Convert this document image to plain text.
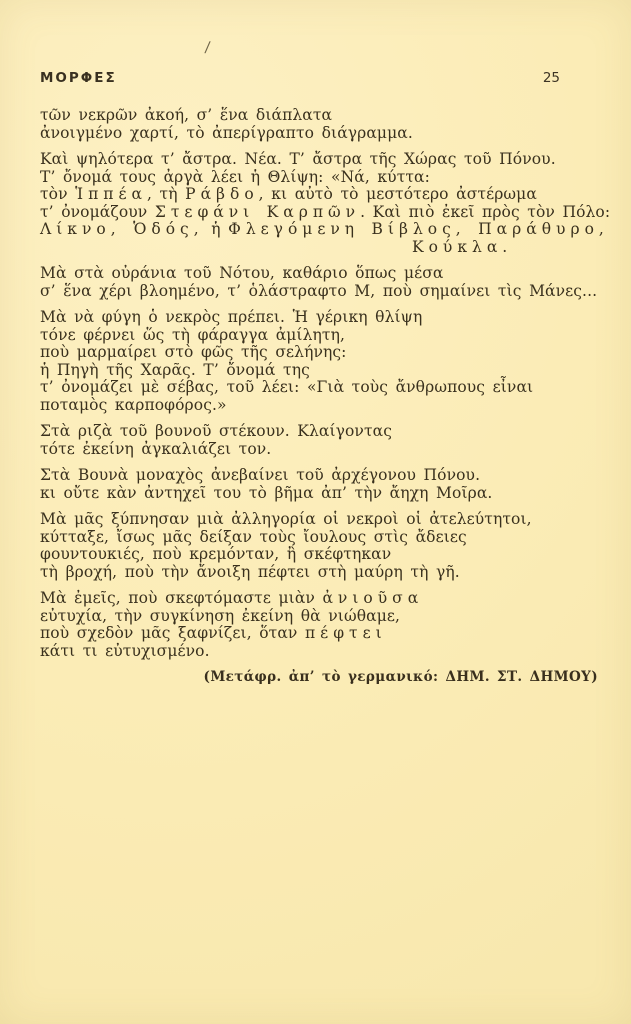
/
ΜΟΡΦΕΣ	25

τῶν νεκρῶν ἀκοή, σ’ ἕνα διάπλατα
ἀνοιγμένο χαρτί, τὸ ἀπερίγραπτο διάγραμμα.

Καὶ ψηλότερα τ’ ἄστρα. Νέα. Τ’ ἄστρα τῆς Χώρας τοῦ Πόνου.
Τ’ ὄνομά τους ἀργὰ λέει ἡ Θλίψη: «Νά, κύττα:
τὸν Ἱππέα, τὴ Ράβδο, κι αὐτὸ τὸ μεστότερο ἀστέρωμα
τ’ ὀνομάζουν Στεφάνι Καρπῶν. Καὶ πιὸ ἐκεῖ πρὸς τὸν Πόλο:
Λίκνο, Ὁδός, ἡ Φλεγόμενη Βίβλος, Παράθυρο,
Κούκλα.

Μὰ στὰ οὐράνια τοῦ Νότου, καθάριο ὅπως μέσα
σ’ ἕνα χέρι βλοημένο, τ’ ὁλάστραφτο Μ, ποὺ σημαίνει τὶς Μάνες...

Μὰ νὰ φύγη ὁ νεκρὸς πρέπει. Ἡ γέρικη θλίψη
τόνε φέρνει ὥς τὴ φάραγγα ἀμίλητη,
ποὺ μαρμαίρει στὸ φῶς τῆς σελήνης:
ἡ Πηγὴ τῆς Χαρᾶς. Τ’ ὄνομά της
τ’ ὀνομάζει μὲ σέβας, τοῦ λέει: «Γιὰ τοὺς ἄνθρωπους εἶναι
ποταμὸς καρποφόρος.»

Στὰ ριζὰ τοῦ βουνοῦ στέκουν. Κλαίγοντας
τότε ἐκείνη ἀγκαλιάζει τον.

Στὰ Βουνὰ μοναχὸς ἀνεβαίνει τοῦ ἀρχέγονου Πόνου.
κι οὔτε κὰν ἀντηχεῖ του τὸ βῆμα ἀπ’ τὴν ἄηχη Μοῖρα.

Μὰ μᾶς ξύπνησαν μιὰ ἀλληγορία οἱ νεκροὶ οἱ ἀτελεύτητοι,
κύτταξε, ἴσως μᾶς δείξαν τοὺς ἴουλους στὶς ἄδειες
φουντουκιές, ποὺ κρεμόνταν, ἢ σκέφτηκαν
τὴ βροχή, ποὺ τὴν ἄνοιξη πέφτει στὴ μαύρη τὴ γῆ.

Μὰ ἐμεῖς, ποὺ σκεφτόμαστε μιὰν ἀνιοῦσα
εὐτυχία, τὴν συγκίνηση ἐκείνη θὰ νιώθαμε,
ποὺ σχεδὸν μᾶς ξαφνίζει, ὅταν πέφτει
κάτι τι εὐτυχισμένο.

(Μετάφρ. ἀπ’ τὸ γερμανικό: ΔΗΜ. ΣΤ. ΔΗΜΟΥ)
